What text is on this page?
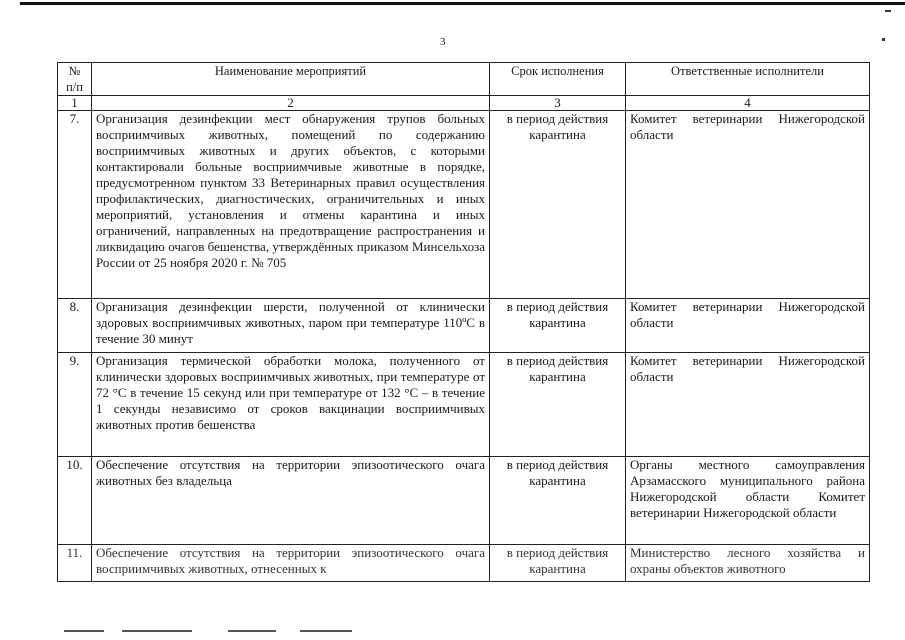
3
№
п/п	Наименование мероприятий	Срок исполнения	Ответственные исполнители
1	2	3	4
7.	Организация дезинфекции мест обнаружения трупов больных восприимчивых животных, помещений по содержанию восприимчивых животных и других объектов, с которыми контактировали больные восприимчивые животные в порядке, предусмотренном пунктом 33 Ветеринарных правил осуществления профилактических, диагностических, ограничительных и иных мероприятий, установления и отмены карантина и иных ограничений, направленных на предотвращение распространения и ликвидацию очагов бешенства, утверждённых приказом Минсельхоза России от 25 ноября 2020 г. № 705	в период действия карантина	Комитет ветеринарии Нижегородской области
8.	Организация дезинфекции шерсти, полученной от клинически здоровых восприимчивых животных, паром при температуре 110ºС в течение 30 минут	в период действия карантина	Комитет ветеринарии Нижегородской области
9.	Организация термической обработки молока, полученного от клинически здоровых восприимчивых животных, при температуре от 72 °С в течение 15 секунд или при температуре от 132 °С – в течение 1 секунды независимо от сроков вакцинации восприимчивых животных против бешенства	в период действия карантина	Комитет ветеринарии Нижегородской области
10.	Обеспечение отсутствия на территории эпизоотического очага животных без владельца	в период действия карантина	Органы местного самоуправления Арзамасского муниципального района Нижегородской области Комитет ветеринарии Нижегородской области
11.	Обеспечение отсутствия на территории эпизоотического очага восприимчивых животных, отнесенных к	в период действия карантина	Министерство лесного хозяйства и охраны объектов животного
